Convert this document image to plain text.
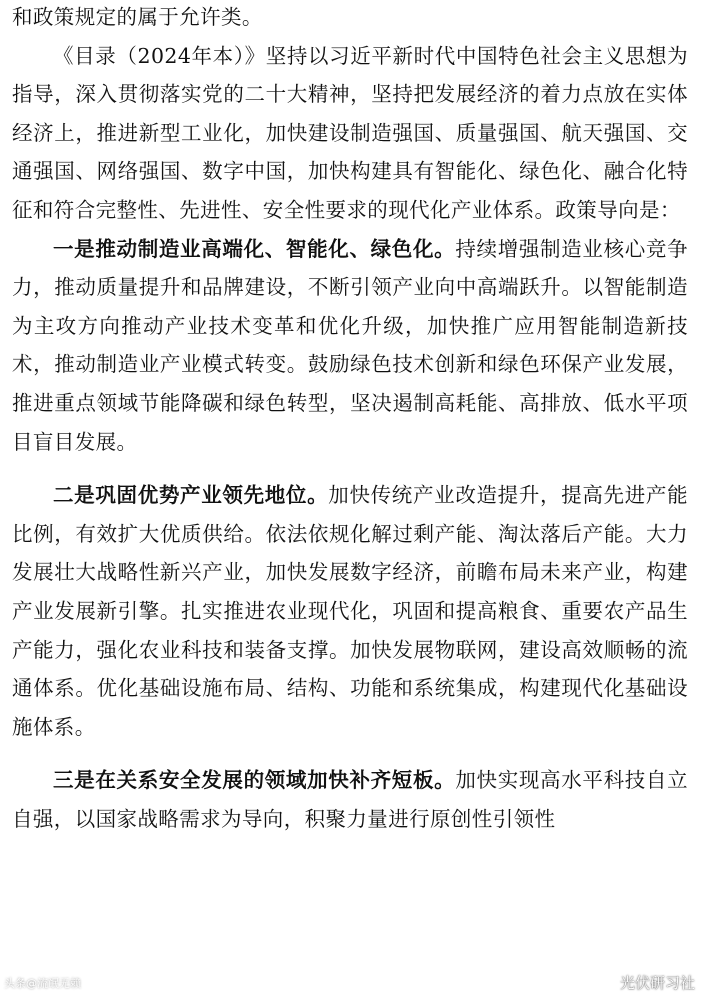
和政策规定的属于允许类。

《目录（2024年本）》坚持以习近平新时代中国特色社会主义思想为指导，深入贯彻落实党的二十大精神，坚持把发展经济的着力点放在实体经济上，推进新型工业化，加快建设制造强国、质量强国、航天强国、交通强国、网络强国、数字中国，加快构建具有智能化、绿色化、融合化特征和符合完整性、先进性、安全性要求的现代化产业体系。政策导向是：

一是推动制造业高端化、智能化、绿色化。持续增强制造业核心竞争力，推动质量提升和品牌建设，不断引领产业向中高端跃升。以智能制造为主攻方向推动产业技术变革和优化升级，加快推广应用智能制造新技术，推动制造业产业模式转变。鼓励绿色技术创新和绿色环保产业发展，推进重点领域节能降碳和绿色转型，坚决遏制高耗能、高排放、低水平项目盲目发展。

二是巩固优势产业领先地位。加快传统产业改造提升，提高先进产能比例，有效扩大优质供给。依法依规化解过剩产能、淘汰落后产能。大力发展壮大战略性新兴产业，加快发展数字经济，前瞻布局未来产业，构建产业发展新引擎。扎实推进农业现代化，巩固和提高粮食、重要农产品生产能力，强化农业科技和装备支撑。加快发展物联网，建设高效顺畅的流通体系。优化基础设施布局、结构、功能和系统集成，构建现代化基础设施体系。

三是在关系安全发展的领域加快补齐短板。加快实现高水平科技自立自强，以国家战略需求为导向，积聚力量进行原创性引领性

头条@流氓无赖	光伏研习社
